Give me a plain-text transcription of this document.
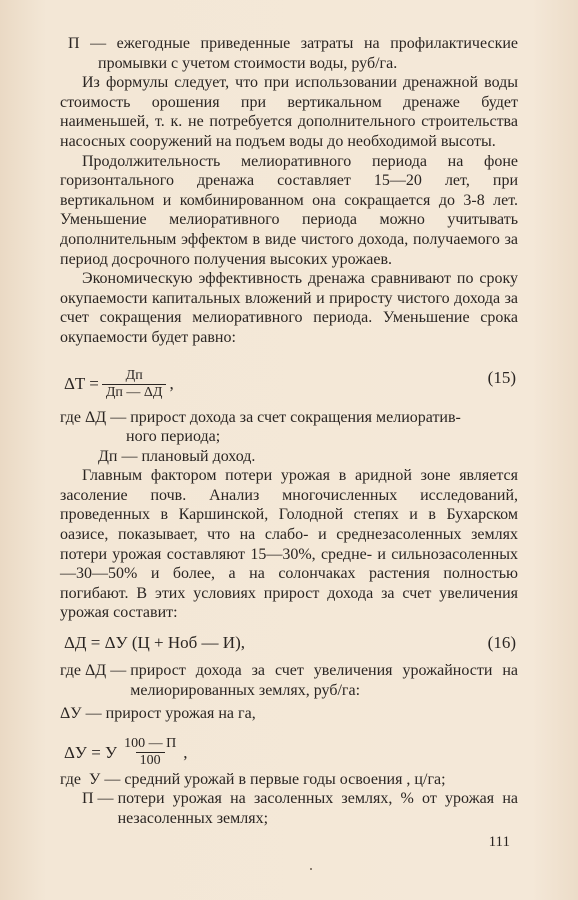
П — ежегодные приведенные затраты на профилактические промывки с учетом стоимости воды, руб/га.

Из формулы следует, что при использовании дренажной воды стоимость орошения при вертикальном дренаже будет наименьшей, т. к. не потребуется дополнительного строительства насосных сооружений на подъем воды до необходимой высоты.

Продолжительность мелиоративного периода на фоне горизонтального дренажа составляет 15—20 лет, при вертикальном и комбинированном она сокращается до 3-8 лет. Уменьшение мелиоративного периода можно учитывать дополнительным эффектом в виде чистого дохода, получаемого за период досрочного получения высоких урожаев.

Экономическую эффективность дренажа сравнивают по сроку окупаемости капитальных вложений и приросту чистого дохода за счет сокращения мелиоративного периода. Уменьшение срока окупаемости будет равно:

$\Delta T = \frac{Дп}{Дп — \Delta Д}$ ,	(15)
где ΔД — прирост дохода за счет сокращения мелиоратив-
ного периода;
Дп — плановый доход.

Главным фактором потери урожая в аридной зоне является засоление почв. Анализ многочисленных исследований, проведенных в Каршинской, Голодной степях и в Бухарском оазисе, показывает, что на слабо- и среднезасоленных землях потери урожая составляют 15—30%, средне- и сильнозасоленных —30—50% и более, а на солончаках растения полностью погибают. В этих условиях прирост дохода за счет увеличения урожая составит:

ΔД = ΔУ (Ц + Ноб — И),	(16)
где ΔД — прирост дохода за счет увеличения урожайности на мелиорированных землях, руб/га:
ΔУ — прирост урожая на га,
ΔУ = У $\frac{100 — П}{100}$ ,
где  У — средний урожай в первые годы освоения , ц/га;
П — потери урожая на засоленных землях, % от урожая на незасоленных землях;
111
